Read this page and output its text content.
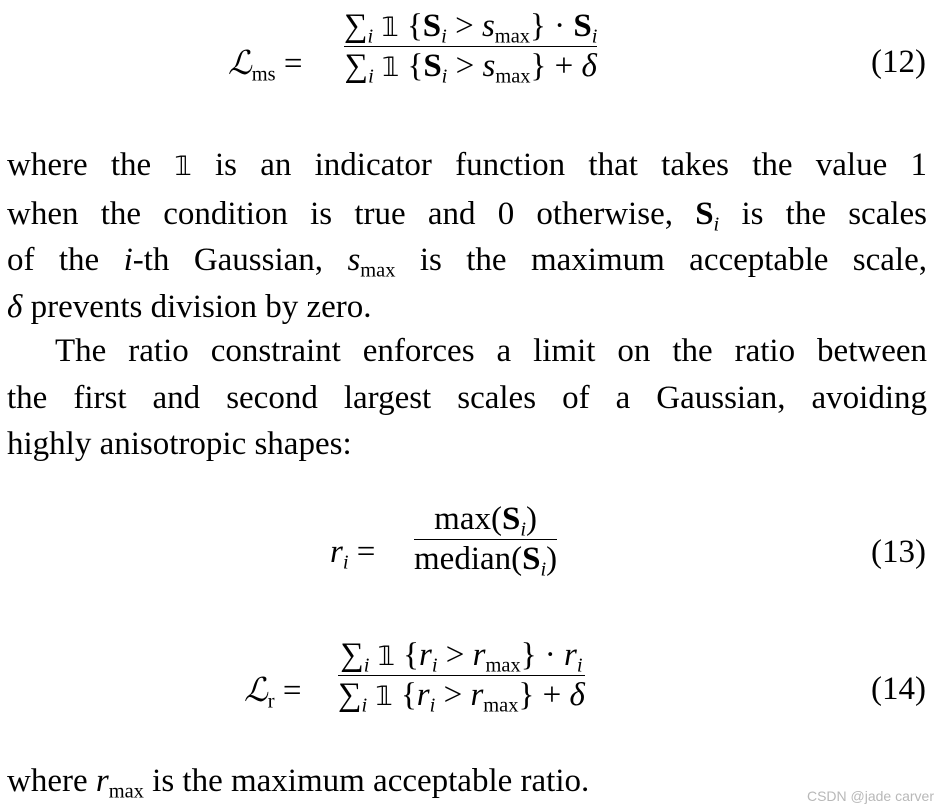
ℒ$_{ms}$ =
$\sum_i$ 𝟙 $\{S_i > s_{max}\} \cdot S_i$
$\sum_i$ 𝟙 $\{S_i > s_{max}\} + \delta$	(12)
where the 𝟙 is an indicator function that takes the value 1
when the condition is true and 0 otherwise, $S_i$ is the scales
of the i-th Gaussian, $s_{max}$ is the maximum acceptable scale,
δ prevents division by zero.
The ratio constraint enforces a limit on the ratio between
the first and second largest scales of a Gaussian, avoiding
highly anisotropic shapes:
$r_i$ =
$\max(S_i)$
$median(S_i)$	(13)
ℒ$_r$ =
$\sum_i$ 𝟙 $\{r_i > r_{max}\} \cdot r_i$
$\sum_i$ 𝟙 $\{r_i > r_{max}\} + \delta$	(14)
where $r_{max}$ is the maximum acceptable ratio.	CSDN @jade carver
